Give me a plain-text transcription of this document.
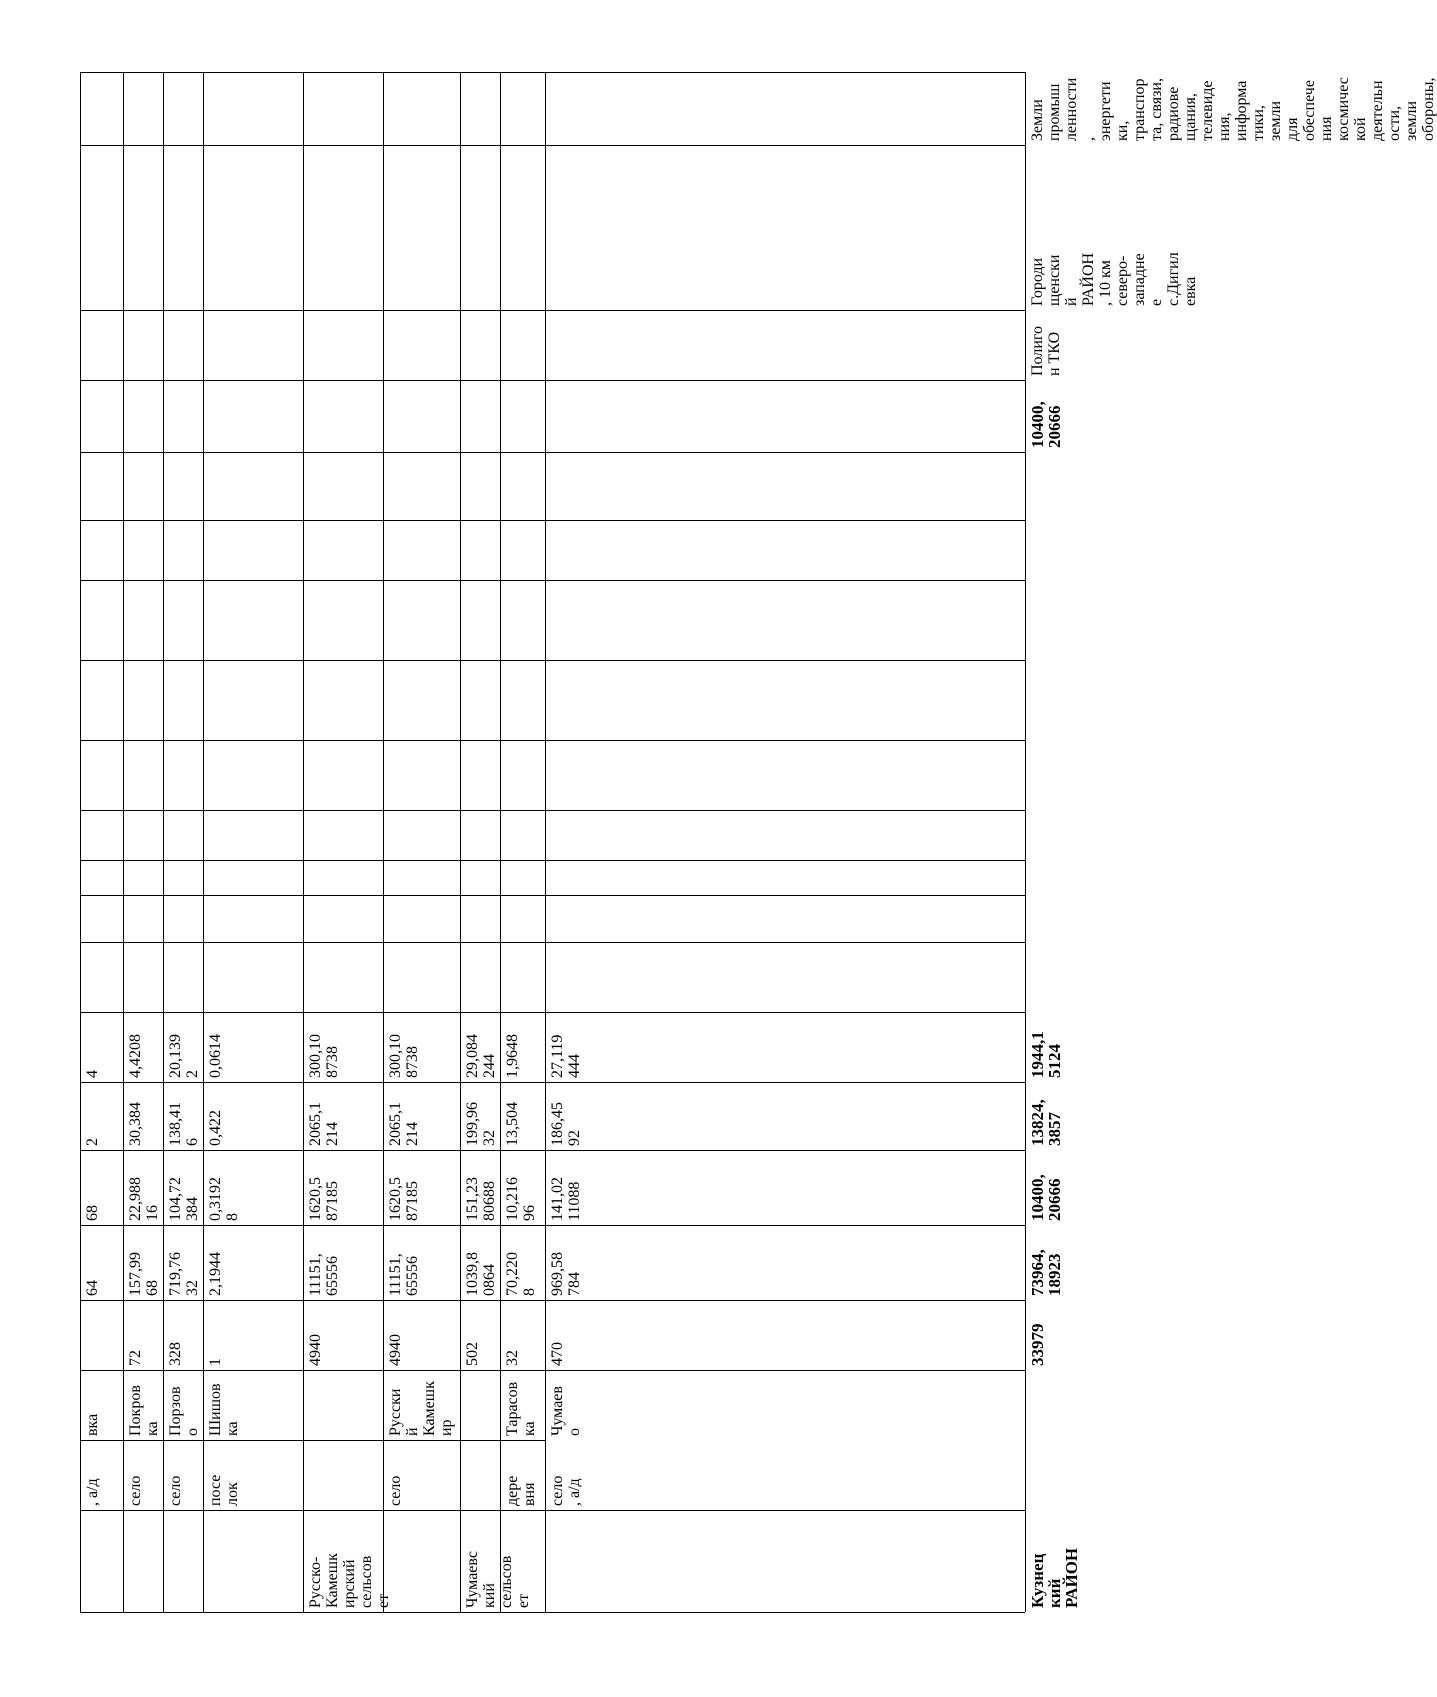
, а/д
вка
64
68
2
4
село
Покров
ка
72
157,99
68
22,988
16
30,384
4,4208
село
Порзов
о
328
719,76
32
104,72
384
138,41
6
20,139
2
посе
лок
Шишов
ка
1
2,1944
0,3192
8
0,422
0,0614
Русско-
Камешк
ирский
сельсов
ет
4940
11151,
65556
1620,5
87185
2065,1
214
300,10
8738
село
Русски
й
Камешк
ир
4940
11151,
65556
1620,5
87185
2065,1
214
300,10
8738
Чумаевс
кий
сельсов
ет
502
1039,8
0864
151,23
80688
199,96
32
29,084
244
дере
вня
Тарасов
ка
32
70,220
8
10,216
96
13,504
1,9648
село
, а/д
Чумаев
о
470
969,58
784
141,02
11088
186,45
92
27,119
444
Кузнец
кий
РАЙОН
33979
73964,
18923
10400,
20666
13824,
3857
1944,1
5124
10400,
20666
Полиго
н ТКО
Городи
щенски
й
РАЙОН
, 10 км
северо-
западне
е
с.Дигил
евка
Земли
промыш
ленности
,
энергети
ки,
транспор
та, связи,
радиове
щания,
телевиде
ния,
информа
тики,
земли
для
обеспече
ния
космичес
кой
деятельн
ости,
земли
обороны,
